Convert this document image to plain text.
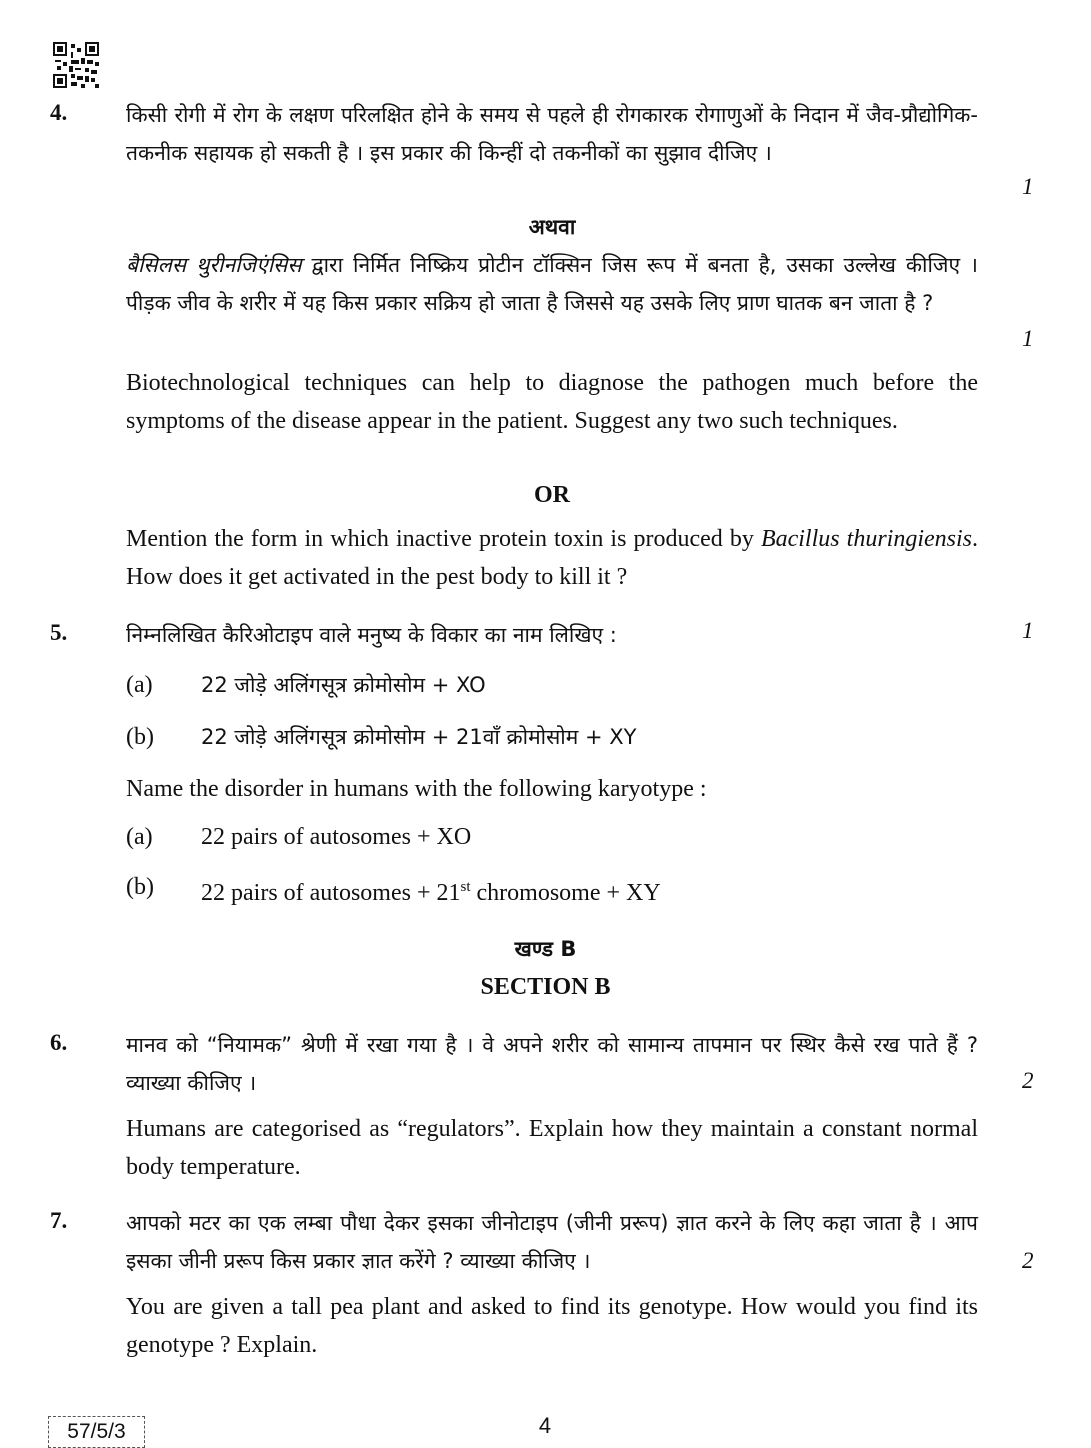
4.	किसी रोगी में रोग के लक्षण परिलक्षित होने के समय से पहले ही रोगकारक रोगाणुओं के निदान में जैव-प्रौद्योगिक-तकनीक सहायक हो सकती है । इस प्रकार की किन्हीं दो तकनीकों का सुझाव दीजिए ।
1
अथवा
बैसिलस थुरीनजिएंसिस द्वारा निर्मित निष्क्रिय प्रोटीन टॉक्सिन जिस रूप में बनता है, उसका उल्लेख कीजिए । पीड़क जीव के शरीर में यह किस प्रकार सक्रिय हो जाता है जिससे यह उसके लिए प्राण घातक बन जाता है ?
1
Biotechnological techniques can help to diagnose the pathogen much before the symptoms of the disease appear in the patient. Suggest any two such techniques.
OR
Mention the form in which inactive protein toxin is produced by Bacillus thuringiensis. How does it get activated in the pest body to kill it ?
5.	निम्नलिखित कैरिओटाइप वाले मनुष्य के विकार का नाम लिखिए :	1
(a) 22 जोड़े अलिंगसूत्र क्रोमोसोम + XO
(b) 22 जोड़े अलिंगसूत्र क्रोमोसोम + 21वाँ क्रोमोसोम + XY
Name the disorder in humans with the following karyotype :
(a) 22 pairs of autosomes + XO
(b) 22 pairs of autosomes + 21st chromosome + XY
खण्ड B
SECTION B
6.	मानव को “नियामक” श्रेणी में रखा गया है । वे अपने शरीर को सामान्य तापमान पर स्थिर कैसे रख पाते हैं ? व्याख्या कीजिए ।	2
Humans are categorised as “regulators”. Explain how they maintain a constant normal body temperature.
7.	आपको मटर का एक लम्बा पौधा देकर इसका जीनोटाइप (जीनी प्ररूप) ज्ञात करने के लिए कहा जाता है । आप इसका जीनी प्ररूप किस प्रकार ज्ञात करेंगे ? व्याख्या कीजिए ।	2
You are given a tall pea plant and asked to find its genotype. How would you find its genotype ? Explain.
57/5/3	4
